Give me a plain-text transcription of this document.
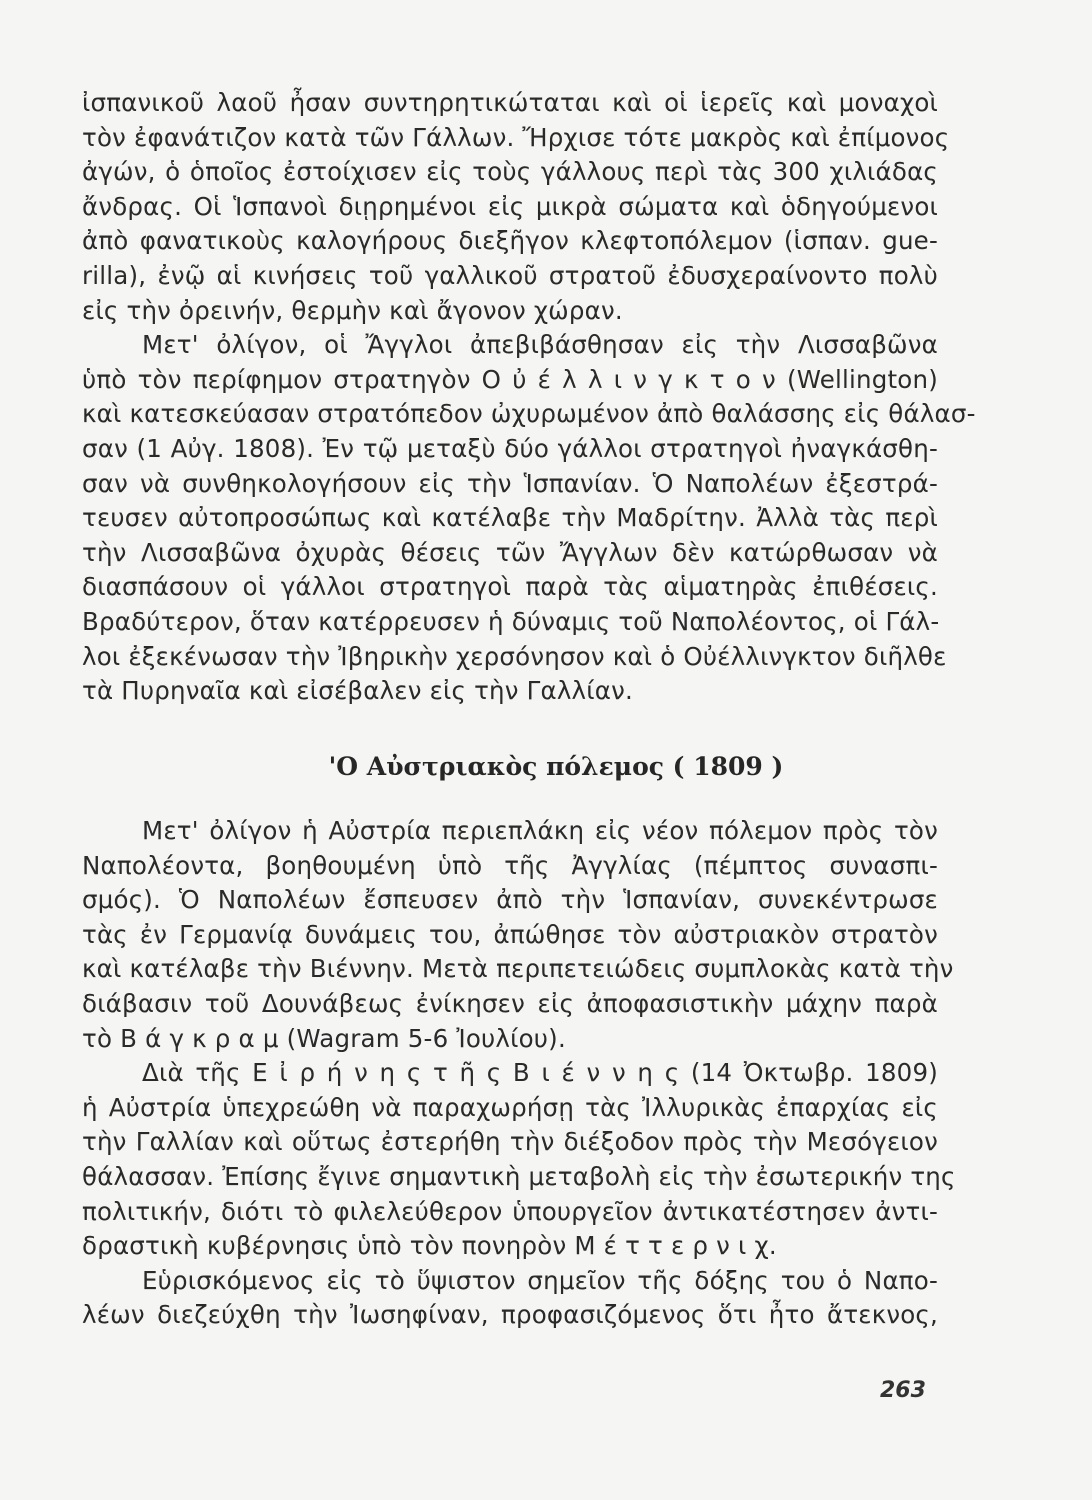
ἰσπανικοῦ λαοῦ ἦσαν συντηρητικώταται καὶ οἱ ἱερεῖς καὶ μοναχοὶ
τὸν ἐφανάτιζον κατὰ τῶν Γάλλων. Ἤρχισε τότε μακρὸς καὶ ἐπίμονος
ἀγών, ὁ ὁποῖος ἐστοίχισεν εἰς τοὺς γάλλους περὶ τὰς 300 χιλιάδας
ἄνδρας. Οἱ Ἱσπανοὶ διῃρημένοι εἰς μικρὰ σώματα καὶ ὁδηγούμενοι
ἀπὸ φανατικοὺς καλογήρους διεξῆγον κλεφτοπόλεμον (ἱσπαν. gue-
rilla), ἐνῷ αἱ κινήσεις τοῦ γαλλικοῦ στρατοῦ ἐδυσχεραίνοντο πολὺ
εἰς τὴν ὀρεινήν, θερμὴν καὶ ἄγονον χώραν.
Μετ' ὀλίγον, οἱ Ἄγγλοι ἀπεβιβάσθησαν εἰς τὴν Λισσαβῶνα
ὑπὸ τὸν περίφημον στρατηγὸν Ο ὐ έ λ λ ι ν γ κ τ ο ν (Wellington)
καὶ κατεσκεύασαν στρατόπεδον ὠχυρωμένον ἀπὸ θαλάσσης εἰς θάλασ-
σαν (1 Αὐγ. 1808). Ἐν τῷ μεταξὺ δύο γάλλοι στρατηγοὶ ἠναγκάσθη-
σαν νὰ συνθηκολογήσουν εἰς τὴν Ἱσπανίαν. Ὁ Ναπολέων ἐξεστρά-
τευσεν αὐτοπροσώπως καὶ κατέλαβε τὴν Μαδρίτην. Ἀλλὰ τὰς περὶ
τὴν Λισσαβῶνα ὀχυρὰς θέσεις τῶν Ἄγγλων δὲν κατώρθωσαν νὰ
διασπάσουν οἱ γάλλοι στρατηγοὶ παρὰ τὰς αἱματηρὰς ἐπιθέσεις.
Βραδύτερον, ὅταν κατέρρευσεν ἡ δύναμις τοῦ Ναπολέοντος, οἱ Γάλ-
λοι ἐξεκένωσαν τὴν Ἰβηρικὴν χερσόνησον καὶ ὁ Οὐέλλινγκτον διῆλθε
τὰ Πυρηναῖα καὶ εἰσέβαλεν εἰς τὴν Γαλλίαν.
'Ο Αὐστριακὸς πόλεμος ( 1809 )
Μετ' ὀλίγον ἡ Αὐστρία περιεπλάκη εἰς νέον πόλεμον πρὸς τὸν
Ναπολέοντα, βοηθουμένη ὑπὸ τῆς Ἀγγλίας (πέμπτος συνασπι-
σμός). Ὁ Ναπολέων ἔσπευσεν ἀπὸ τὴν Ἱσπανίαν, συνεκέντρωσε
τὰς ἐν Γερμανίᾳ δυνάμεις του, ἀπώθησε τὸν αὐστριακὸν στρατὸν
καὶ κατέλαβε τὴν Βιέννην. Μετὰ περιπετειώδεις συμπλοκὰς κατὰ τὴν
διάβασιν τοῦ Δουνάβεως ἐνίκησεν εἰς ἀποφασιστικὴν μάχην παρὰ
τὸ Β ά γ κ ρ α μ (Wagram 5-6 Ἰουλίου).
Διὰ τῆς Ε ἰ ρ ή ν η ς τ ῆ ς Β ι έ ν ν η ς (14 Ὀκτωβρ. 1809)
ἡ Αὐστρία ὑπεχρεώθη νὰ παραχωρήσῃ τὰς Ἰλλυρικὰς ἐπαρχίας εἰς
τὴν Γαλλίαν καὶ οὕτως ἐστερήθη τὴν διέξοδον πρὸς τὴν Μεσόγειον
θάλασσαν. Ἐπίσης ἔγινε σημαντικὴ μεταβολὴ εἰς τὴν ἐσωτερικήν της
πολιτικήν, διότι τὸ φιλελεύθερον ὑπουργεῖον ἀντικατέστησεν ἀντι-
δραστικὴ κυβέρνησις ὑπὸ τὸν πονηρὸν Μ έ τ τ ε ρ ν ι χ.
Εὑρισκόμενος εἰς τὸ ὕψιστον σημεῖον τῆς δόξης του ὁ Ναπο-
λέων διεζεύχθη τὴν Ἰωσηφίναν, προφασιζόμενος ὅτι ἦτο ἄτεκνος,
263
